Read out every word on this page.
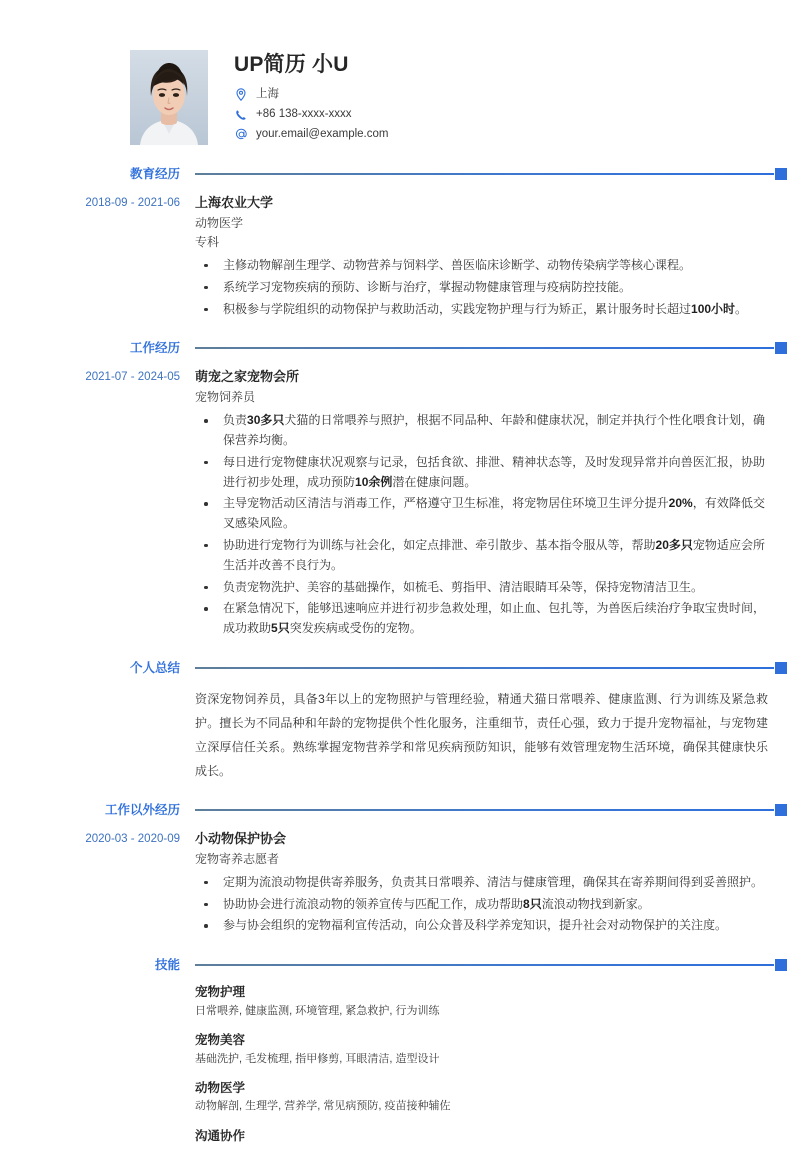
UP简历 小U
上海
+86 138-xxxx-xxxx
your.email@example.com
教育经历
2018-09 - 2021-06	上海农业大学
动物医学
专科
主修动物解剖生理学、动物营养与饲料学、兽医临床诊断学、动物传染病学等核心课程。
系统学习宠物疾病的预防、诊断与治疗，掌握动物健康管理与疫病防控技能。
积极参与学院组织的动物保护与救助活动，实践宠物护理与行为矫正，累计服务时长超过100小时。
工作经历
2021-07 - 2024-05	萌宠之家宠物会所
宠物饲养员
负责30多只犬猫的日常喂养与照护，根据不同品种、年龄和健康状况，制定并执行个性化喂食计划，确保营养均衡。
每日进行宠物健康状况观察与记录，包括食欲、排泄、精神状态等，及时发现异常并向兽医汇报，协助进行初步处理，成功预防10余例潜在健康问题。
主导宠物活动区清洁与消毒工作，严格遵守卫生标准，将宠物居住环境卫生评分提升20%，有效降低交叉感染风险。
协助进行宠物行为训练与社会化，如定点排泄、牵引散步、基本指令服从等，帮助20多只宠物适应会所生活并改善不良行为。
负责宠物洗护、美容的基础操作，如梳毛、剪指甲、清洁眼睛耳朵等，保持宠物清洁卫生。
在紧急情况下，能够迅速响应并进行初步急救处理，如止血、包扎等，为兽医后续治疗争取宝贵时间，成功救助5只突发疾病或受伤的宠物。
个人总结
资深宠物饲养员，具备3年以上的宠物照护与管理经验，精通犬猫日常喂养、健康监测、行为训练及紧急救护。擅长为不同品种和年龄的宠物提供个性化服务，注重细节，责任心强，致力于提升宠物福祉，与宠物建立深厚信任关系。熟练掌握宠物营养学和常见疾病预防知识，能够有效管理宠物生活环境，确保其健康快乐成长。
工作以外经历
2020-03 - 2020-09	小动物保护协会
宠物寄养志愿者
定期为流浪动物提供寄养服务，负责其日常喂养、清洁与健康管理，确保其在寄养期间得到妥善照护。
协助协会进行流浪动物的领养宣传与匹配工作，成功帮助8只流浪动物找到新家。
参与协会组织的宠物福利宣传活动，向公众普及科学养宠知识，提升社会对动物保护的关注度。
技能
宠物护理
日常喂养, 健康监测, 环境管理, 紧急救护, 行为训练
宠物美容
基础洗护, 毛发梳理, 指甲修剪, 耳眼清洁, 造型设计
动物医学
动物解剖, 生理学, 营养学, 常见病预防, 疫苗接种辅佐
沟通协作
